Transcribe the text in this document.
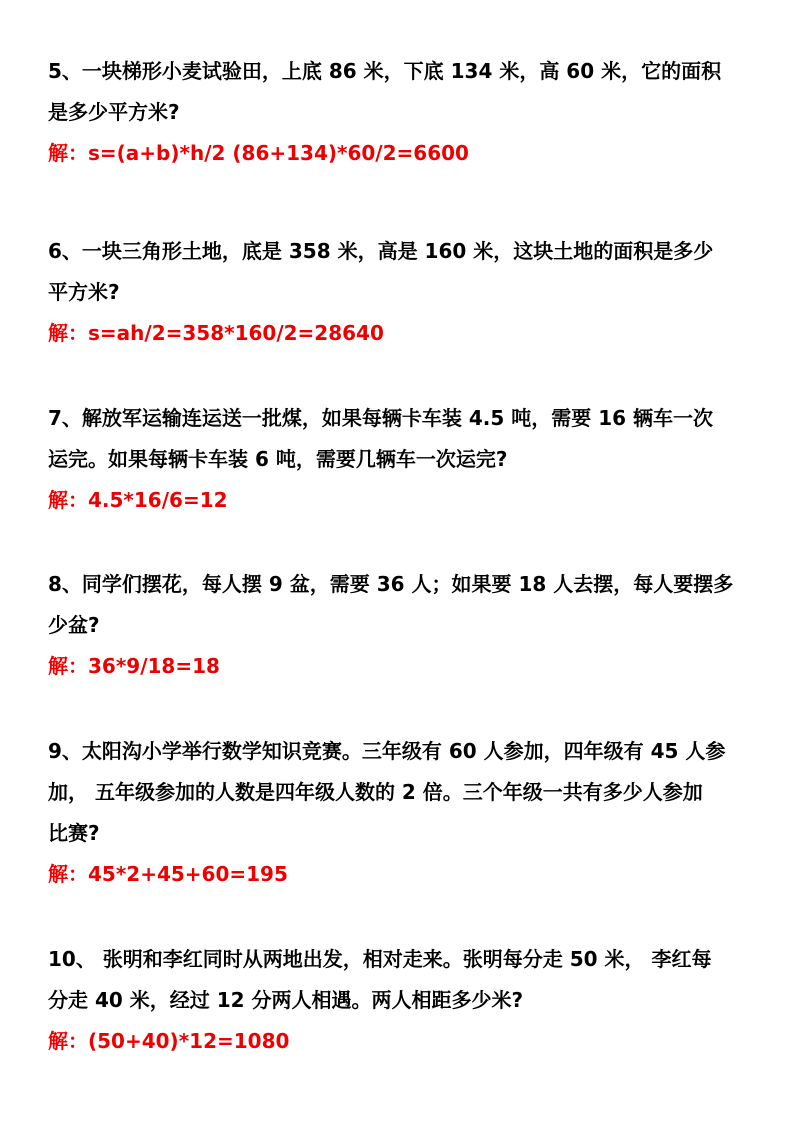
5、一块梯形小麦试验田，上底 86 米，下底 134 米，高 60 米，它的面积
是多少平方米?
解：s=(a+b)*h/2 (86+134)*60/2=6600
6、一块三角形土地，底是 358 米，高是 160 米，这块土地的面积是多少
平方米?
解：s=ah/2=358*160/2=28640
7、解放军运输连运送一批煤，如果每辆卡车装 4.5 吨，需要 16 辆车一次
运完。如果每辆卡车装 6 吨，需要几辆车一次运完?
解：4.5*16/6=12
8、同学们摆花，每人摆 9 盆，需要 36 人；如果要 18 人去摆，每人要摆多
少盆?
解：36*9/18=18
9、太阳沟小学举行数学知识竞赛。三年级有 60 人参加，四年级有 45 人参
加， 五年级参加的人数是四年级人数的 2 倍。三个年级一共有多少人参加
比赛?
解：45*2+45+60=195
10、 张明和李红同时从两地出发，相对走来。张明每分走 50 米， 李红每
分走 40 米，经过 12 分两人相遇。两人相距多少米?
解：(50+40)*12=1080
